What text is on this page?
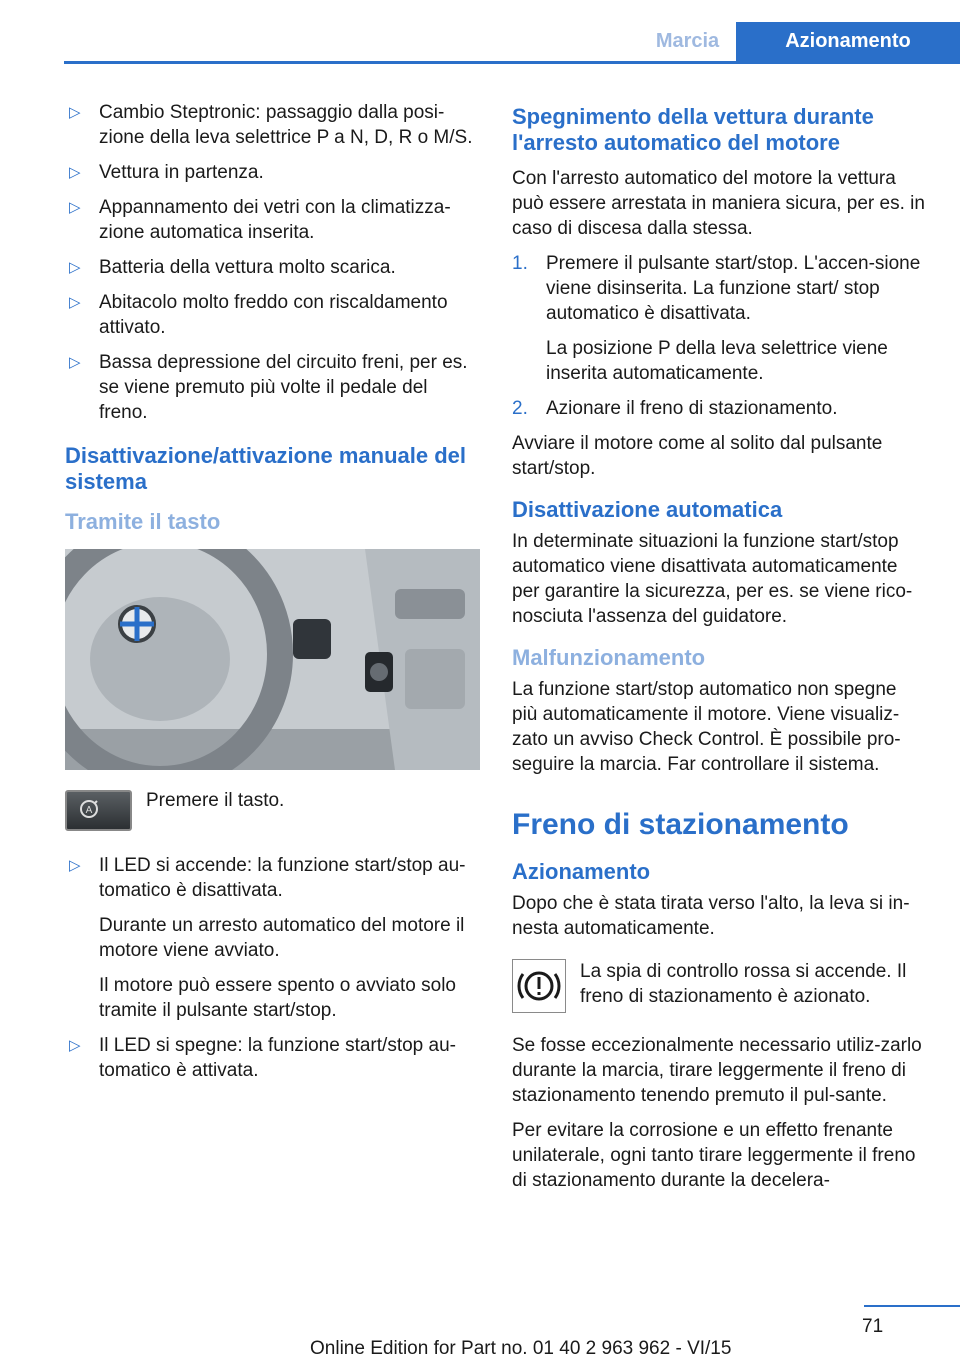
Marcia	Azionamento
▷ Cambio Steptronic: passaggio dalla posi-zione della leva selettrice P a N, D, R o M/S.
▷ Vettura in partenza.
▷ Appannamento dei vetri con la climatizza-zione automatica inserita.
▷ Batteria della vettura molto scarica.
▷ Abitacolo molto freddo con riscaldamento attivato.
▷ Bassa depressione del circuito freni, per es. se viene premuto più volte il pedale del freno.
Disattivazione/attivazione manuale del sistema
Tramite il tasto
A	Premere il tasto.
▷ Il LED si accende: la funzione start/stop au-tomatico è disattivata.
Durante un arresto automatico del motore il motore viene avviato.
Il motore può essere spento o avviato solo tramite il pulsante start/stop.
▷ Il LED si spegne: la funzione start/stop au-tomatico è attivata.
Spegnimento della vettura durante l'arresto automatico del motore

Con l'arresto automatico del motore la vettura può essere arrestata in maniera sicura, per es. in caso di discesa dalla stessa.

1. Premere il pulsante start/stop. L'accen-sione viene disinserita. La funzione start/ stop automatico è disattivata.
La posizione P della leva selettrice viene inserita automaticamente.
2. Azionare il freno di stazionamento.

Avviare il motore come al solito dal pulsante start/stop.

Disattivazione automatica

In determinate situazioni la funzione start/stop automatico viene disattivata automaticamente per garantire la sicurezza, per es. se viene rico-nosciuta l'assenza del guidatore.

Malfunzionamento

La funzione start/stop automatico non spegne più automaticamente il motore. Viene visualiz-zato un avviso Check Control. È possibile pro-seguire la marcia. Far controllare il sistema.

Freno di stazionamento
Azionamento

Dopo che è stata tirata verso l'alto, la leva si in-nesta automaticamente.

La spia di controllo rossa si accende. Il freno di stazionamento è azionato.

Se fosse eccezionalmente necessario utiliz-zarlo durante la marcia, tirare leggermente il freno di stazionamento tenendo premuto il pul-sante.

Per evitare la corrosione e un effetto frenante unilaterale, ogni tanto tirare leggermente il freno di stazionamento durante la decelera-

71
Online Edition for Part no. 01 40 2 963 962 - VI/15
